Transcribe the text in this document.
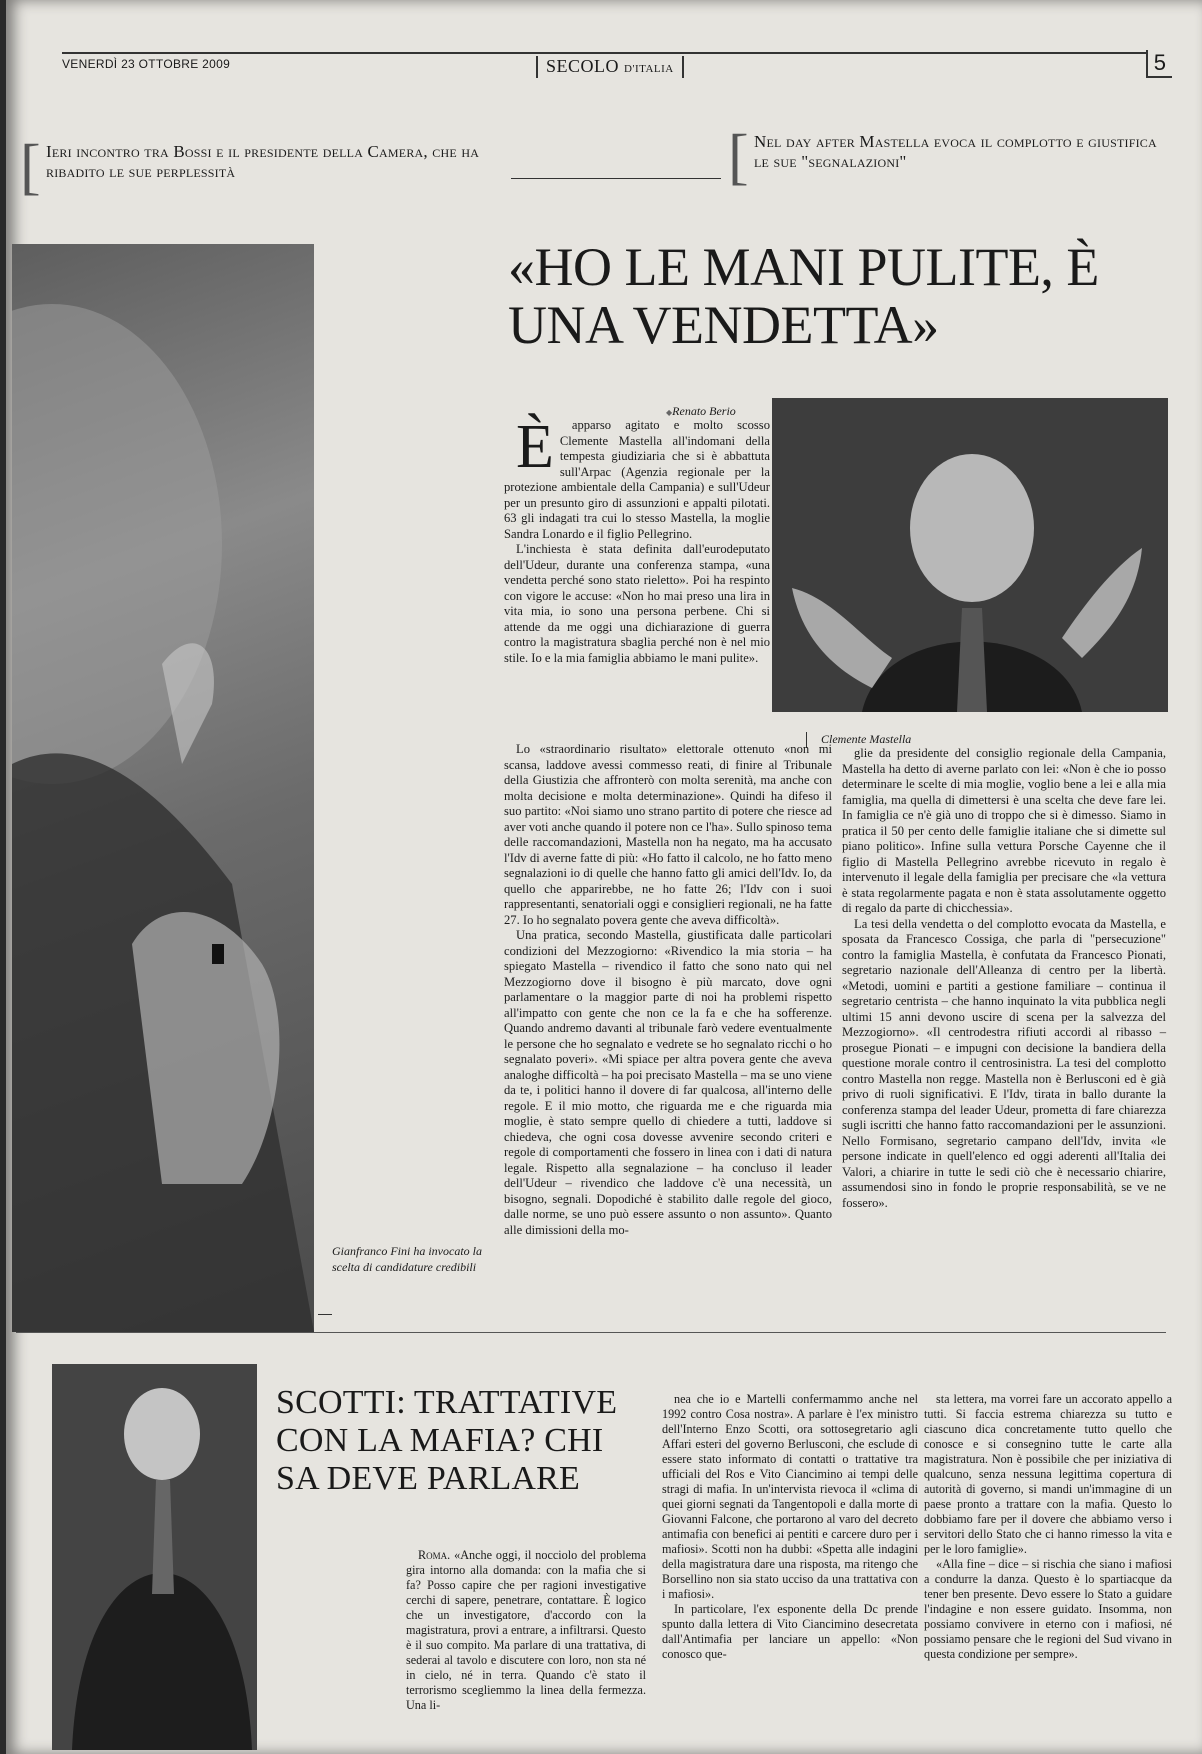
VENERDÌ 23 OTTOBRE 2009	SECOLO D'ITALIA	5
[ Ieri incontro tra Bossi e il presidente della Camera, che ha ribadito le sue perplessità	[ Nel day after Mastella evoca il complotto e giustifica le sue "segnalazioni"
«HO LE MANI PULITE, È UNA VENDETTA»
Gianfranco Fini ha invocato la scelta di candidature credibili
◆ Renato Berio

Èapparso agitato e molto scosso Clemente Mastella all'indomani della tempesta giudiziaria che si è abbattuta sull'Arpac (Agenzia regionale per la protezione ambientale della Campania) e sull'Udeur per un presunto giro di assunzioni e appalti pilotati. 63 gli indagati tra cui lo stesso Mastella, la moglie Sandra Lonardo e il figlio Pellegrino.

L'inchiesta è stata definita dall'eurodeputato dell'Udeur, durante una conferenza stampa, «una vendetta perché sono stato rieletto». Poi ha respinto con vigore le accuse: «Non ho mai preso una lira in vita mia, io sono una persona perbene. Chi si attende da me oggi una dichiarazione di guerra contro la magistratura sbaglia perché non è nel mio stile. Io e la mia famiglia abbiamo le mani pulite».

Clemente Mastella

Lo «straordinario risultato» elettorale ottenuto «non mi scansa, laddove avessi commesso reati, di finire al Tribunale della Giustizia che affronterò con molta serenità, ma anche con molta decisione e molta determinazione». Quindi ha difeso il suo partito: «Noi siamo uno strano partito di potere che riesce ad aver voti anche quando il potere non ce l'ha». Sullo spinoso tema delle raccomandazioni, Mastella non ha negato, ma ha accusato l'Idv di averne fatte di più: «Ho fatto il calcolo, ne ho fatto meno segnalazioni io di quelle che hanno fatto gli amici dell'Idv. Io, da quello che apparirebbe, ne ho fatte 26; l'Idv con i suoi rappresentanti, senatoriali oggi e consiglieri regionali, ne ha fatte 27. Io ho segnalato povera gente che aveva difficoltà».

Una pratica, secondo Mastella, giustificata dalle particolari condizioni del Mezzogiorno: «Rivendico la mia storia – ha spiegato Mastella – rivendico il fatto che sono nato qui nel Mezzogiorno dove il bisogno è più marcato, dove ogni parlamentare o la maggior parte di noi ha problemi rispetto all'impatto con gente che non ce la fa e che ha sofferenze. Quando andremo davanti al tribunale farò vedere eventualmente le persone che ho segnalato e vedrete se ho segnalato ricchi o ho segnalato poveri». «Mi spiace per altra povera gente che aveva analoghe difficoltà – ha poi precisato Mastella – ma se uno viene da te, i politici hanno il dovere di far qualcosa, all'interno delle regole. E il mio motto, che riguarda me e che riguarda mia moglie, è stato sempre quello di chiedere a tutti, laddove si chiedeva, che ogni cosa dovesse avvenire secondo criteri e regole di comportamenti che fossero in linea con i dati di natura legale. Rispetto alla segnalazione – ha concluso il leader dell'Udeur – rivendico che laddove c'è una necessità, un bisogno, segnali. Dopodiché è stabilito dalle regole del gioco, dalle norme, se uno può essere assunto o non assunto». Quanto alle dimissioni della mo-

glie da presidente del consiglio regionale della Campania, Mastella ha detto di averne parlato con lei: «Non è che io posso determinare le scelte di mia moglie, voglio bene a lei e alla mia famiglia, ma quella di dimettersi è una scelta che deve fare lei. In famiglia ce n'è già uno di troppo che si è dimesso. Siamo in pratica il 50 per cento delle famiglie italiane che si dimette sul piano politico». Infine sulla vettura Porsche Cayenne che il figlio di Mastella Pellegrino avrebbe ricevuto in regalo è intervenuto il legale della famiglia per precisare che «la vettura è stata regolarmente pagata e non è stata assolutamente oggetto di regalo da parte di chicchessia».

La tesi della vendetta o del complotto evocata da Mastella, e sposata da Francesco Cossiga, che parla di "persecuzione" contro la famiglia Mastella, è confutata da Francesco Pionati, segretario nazionale dell'Alleanza di centro per la libertà. «Metodi, uomini e partiti a gestione familiare – continua il segretario centrista – che hanno inquinato la vita pubblica negli ultimi 15 anni devono uscire di scena per la salvezza del Mezzogiorno». «Il centrodestra rifiuti accordi al ribasso – prosegue Pionati – e impugni con decisione la bandiera della questione morale contro il centrosinistra. La tesi del complotto contro Mastella non regge. Mastella non è Berlusconi ed è già privo di ruoli significativi. E l'Idv, tirata in ballo durante la conferenza stampa del leader Udeur, prometta di fare chiarezza sugli iscritti che hanno fatto raccomandazioni per le assunzioni. Nello Formisano, segretario campano dell'Idv, invita «le persone indicate in quell'elenco ed oggi aderenti all'Italia dei Valori, a chiarire in tutte le sedi ciò che è necessario chiarire, assumendosi sino in fondo le proprie responsabilità, se ve ne fossero».

SCOTTI: TRATTATIVE CON LA MAFIA? CHI SA DEVE PARLARE

Roma. «Anche oggi, il nocciolo del problema gira intorno alla domanda: con la mafia che si fa? Posso capire che per ragioni investigative cerchi di sapere, penetrare, contattare. È logico che un investigatore, d'accordo con la magistratura, provi a entrare, a infiltrarsi. Questo è il suo compito. Ma parlare di una trattativa, di sederai al tavolo e discutere con loro, non sta né in cielo, né in terra. Quando c'è stato il terrorismo scegliemmo la linea della fermezza. Una li-

nea che io e Martelli confermammo anche nel 1992 contro Cosa nostra». A parlare è l'ex ministro dell'Interno Enzo Scotti, ora sottosegretario agli Affari esteri del governo Berlusconi, che esclude di essere stato informato di contatti o trattative tra ufficiali del Ros e Vito Ciancimino ai tempi delle stragi di mafia. In un'intervista rievoca il «clima di quei giorni segnati da Tangentopoli e dalla morte di Giovanni Falcone, che portarono al varo del decreto antimafia con benefici ai pentiti e carcere duro per i mafiosi». Scotti non ha dubbi: «Spetta alle indagini della magistratura dare una risposta, ma ritengo che Borsellino non sia stato ucciso da una trattativa con i mafiosi».

In particolare, l'ex esponente della Dc prende spunto dalla lettera di Vito Ciancimino desecretata dall'Antimafia per lanciare un appello: «Non conosco que-

sta lettera, ma vorrei fare un accorato appello a tutti. Si faccia estrema chiarezza su tutto e ciascuno dica concretamente tutto quello che conosce e si consegnino tutte le carte alla magistratura. Non è possibile che per iniziativa di qualcuno, senza nessuna legittima copertura di autorità di governo, si mandi un'immagine di un paese pronto a trattare con la mafia. Questo lo dobbiamo fare per il dovere che abbiamo verso i servitori dello Stato che ci hanno rimesso la vita e per le loro famiglie».

«Alla fine – dice – si rischia che siano i mafiosi a condurre la danza. Questo è lo spartiacque da tener ben presente. Devo essere lo Stato a guidare l'indagine e non essere guidato. Insomma, non possiamo convivere in eterno con i mafiosi, né possiamo pensare che le regioni del Sud vivano in questa condizione per sempre».
